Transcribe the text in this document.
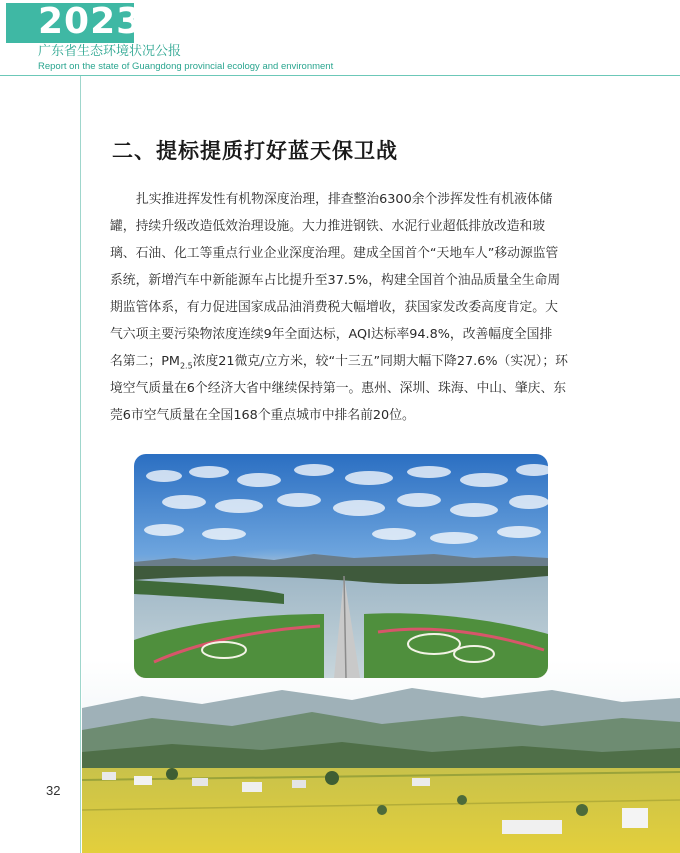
2023
广东省生态环境状况公报
Report on the state of Guangdong provincial ecology and environment
二、提标提质打好蓝天保卫战
扎实推进挥发性有机物深度治理，排查整治6300余个涉挥发性有机液体储
罐，持续升级改造低效治理设施。大力推进钢铁、水泥行业超低排放改造和玻
璃、石油、化工等重点行业企业深度治理。建成全国首个“天地车人”移动源监管
系统，新增汽车中新能源车占比提升至37.5%，构建全国首个油品质量全生命周
期监管体系，有力促进国家成品油消费税大幅增收，获国家发改委高度肯定。大
气六项主要污染物浓度连续9年全面达标，AQI达标率94.8%，改善幅度全国排
名第二；$PM_{2.5}$浓度21微克/立方米，较“十三五”同期大幅下降27.6%（实况）；环
境空气质量在6个经济大省中继续保持第一。惠州、深圳、珠海、中山、肇庆、东
莞6市空气质量在全国168个重点城市中排名前20位。
32
